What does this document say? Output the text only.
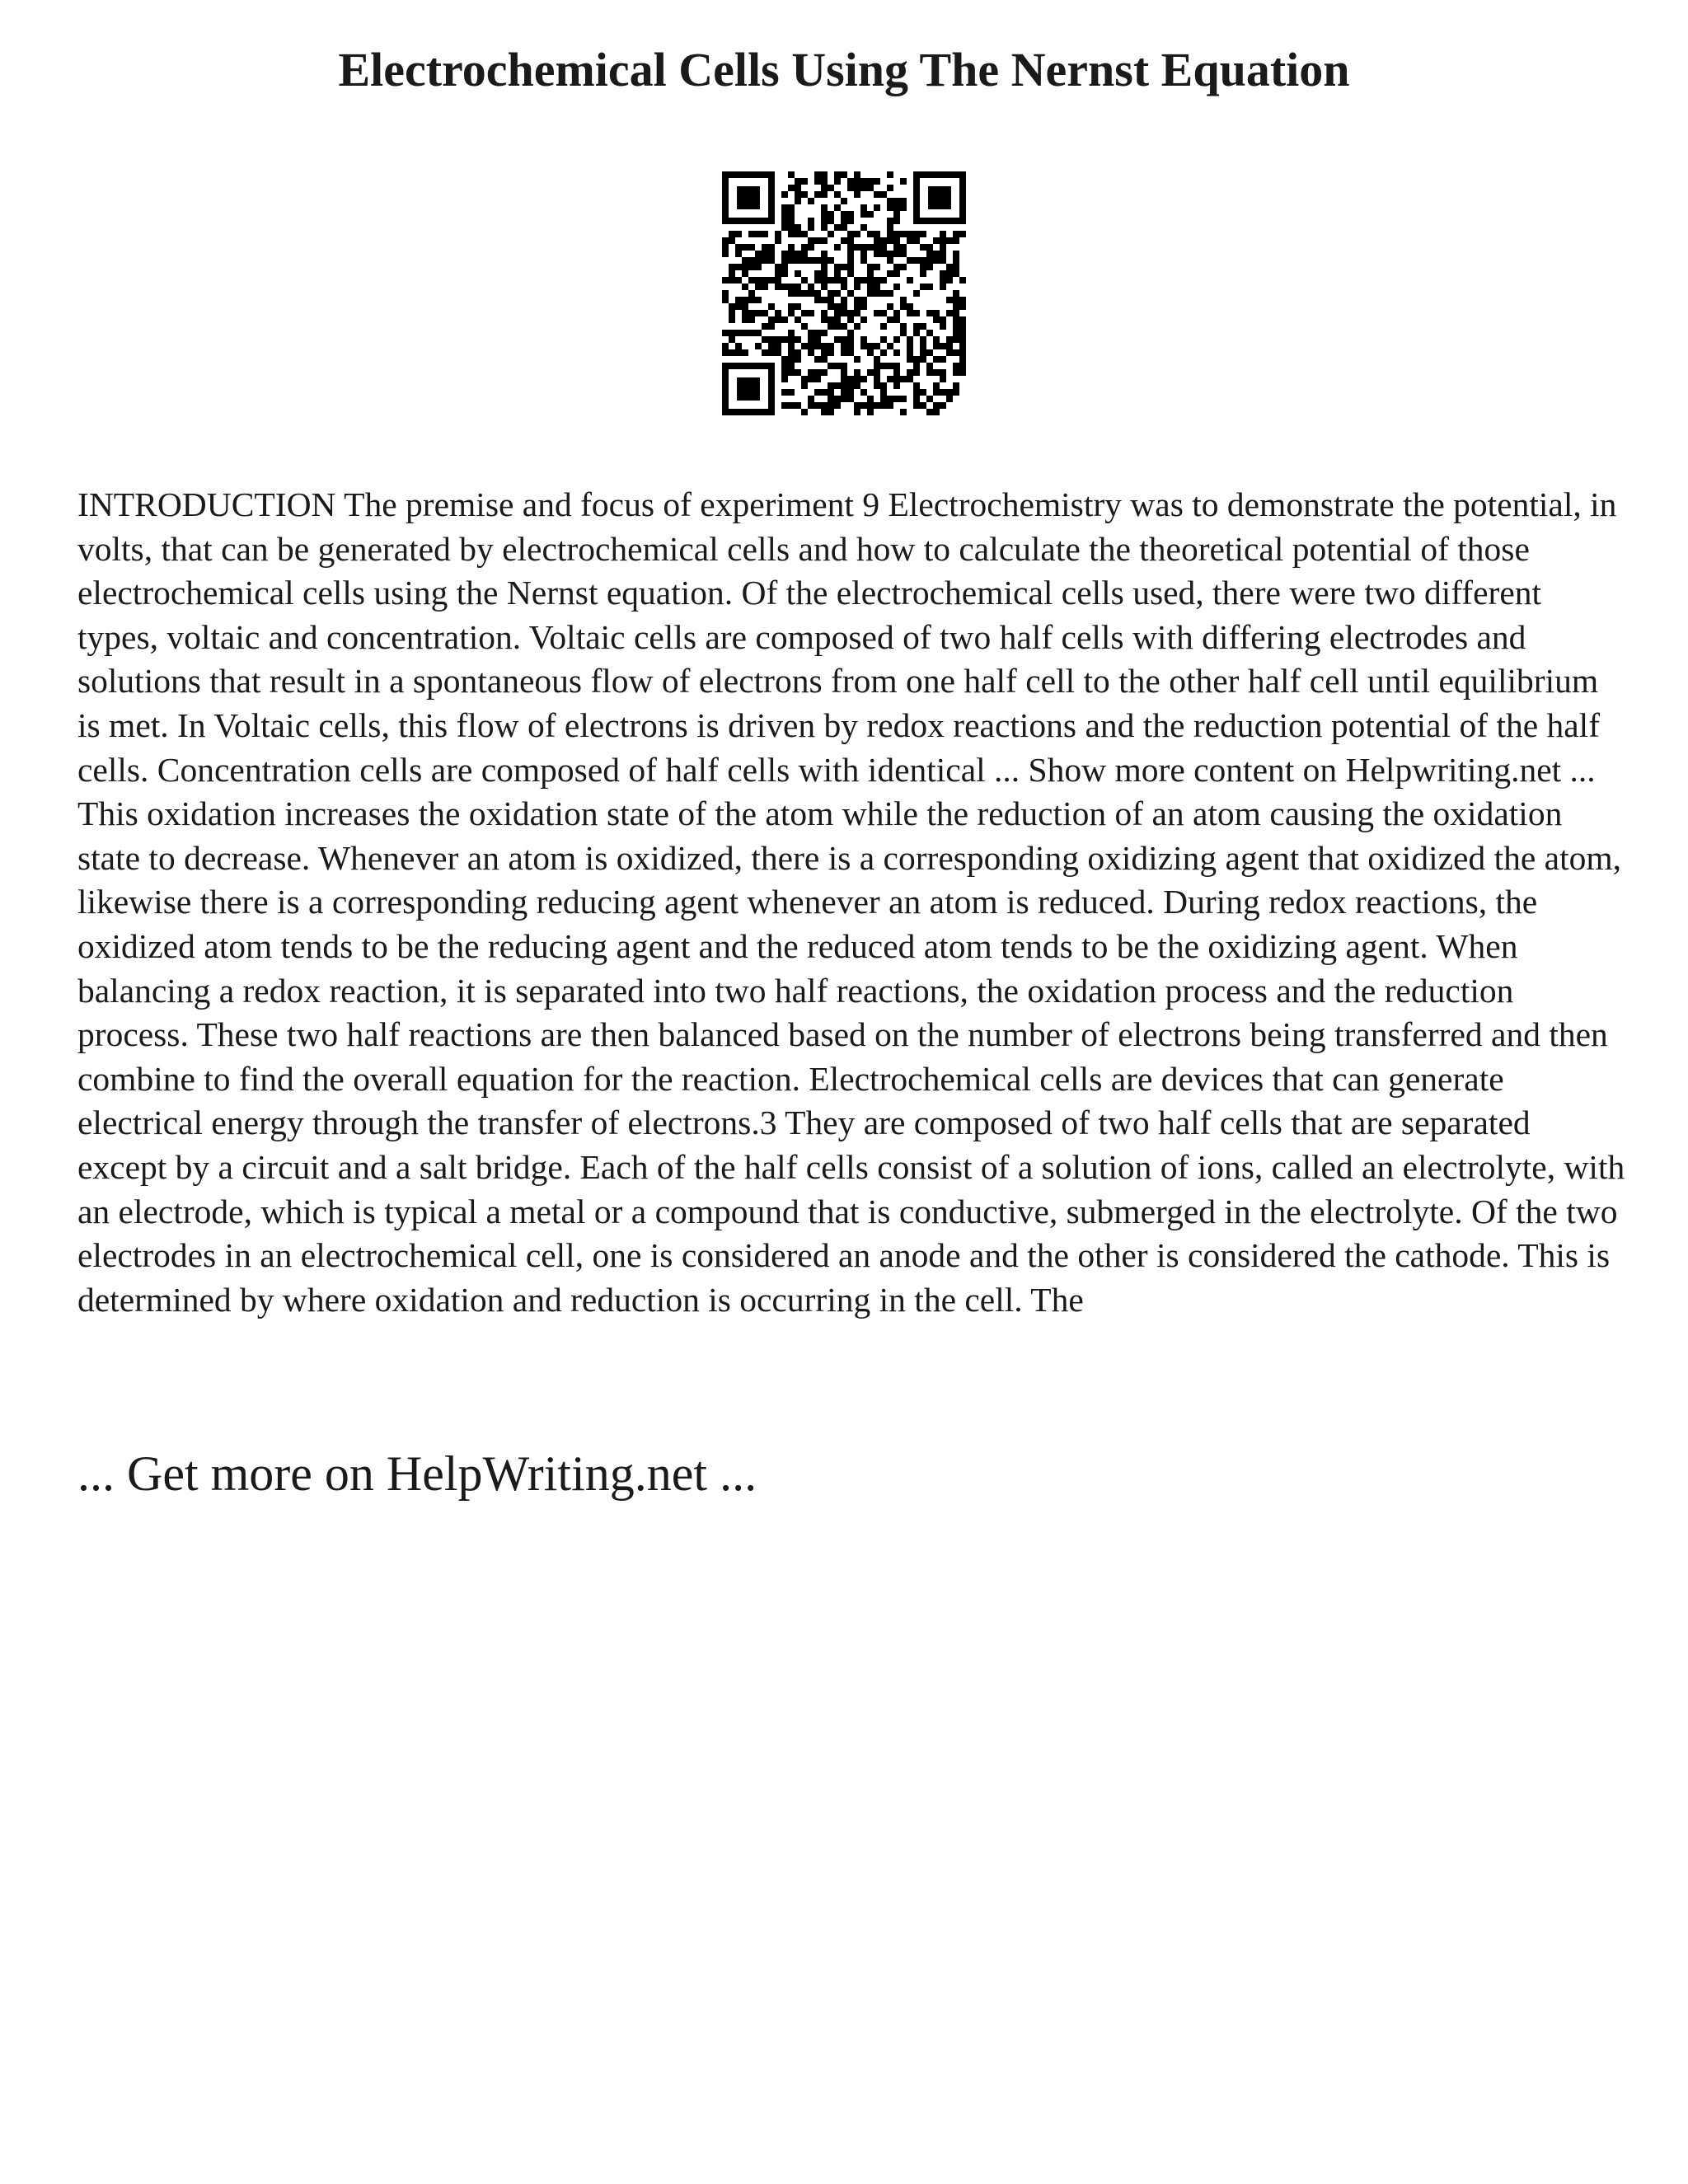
Electrochemical Cells Using The Nernst Equation

INTRODUCTION The premise and focus of experiment 9 Electrochemistry was to demonstrate the potential, in volts, that can be generated by electrochemical cells and how to calculate the theoretical potential of those electrochemical cells using the Nernst equation. Of the electrochemical cells used, there were two different types, voltaic and concentration. Voltaic cells are composed of two half cells with differing electrodes and solutions that result in a spontaneous flow of electrons from one half cell to the other half cell until equilibrium is met. In Voltaic cells, this flow of electrons is driven by redox reactions and the reduction potential of the half cells. Concentration cells are composed of half cells with identical ... Show more content on Helpwriting.net ...

This oxidation increases the oxidation state of the atom while the reduction of an atom causing the oxidation state to decrease. Whenever an atom is oxidized, there is a corresponding oxidizing agent that oxidized the atom, likewise there is a corresponding reducing agent whenever an atom is reduced. During redox reactions, the oxidized atom tends to be the reducing agent and the reduced atom tends to be the oxidizing agent. When balancing a redox reaction, it is separated into two half reactions, the oxidation process and the reduction process. These two half reactions are then balanced based on the number of electrons being transferred and then combine to find the overall equation for the reaction. Electrochemical cells are devices that can generate electrical energy through the transfer of electrons.3 They are composed of two half cells that are separated except by a circuit and a salt bridge. Each of the half cells consist of a solution of ions, called an electrolyte, with an electrode, which is typical a metal or a compound that is conductive, submerged in the electrolyte. Of the two electrodes in an electrochemical cell, one is considered an anode and the other is considered the cathode. This is determined by where oxidation and reduction is occurring in the cell. The

... Get more on HelpWriting.net ...
